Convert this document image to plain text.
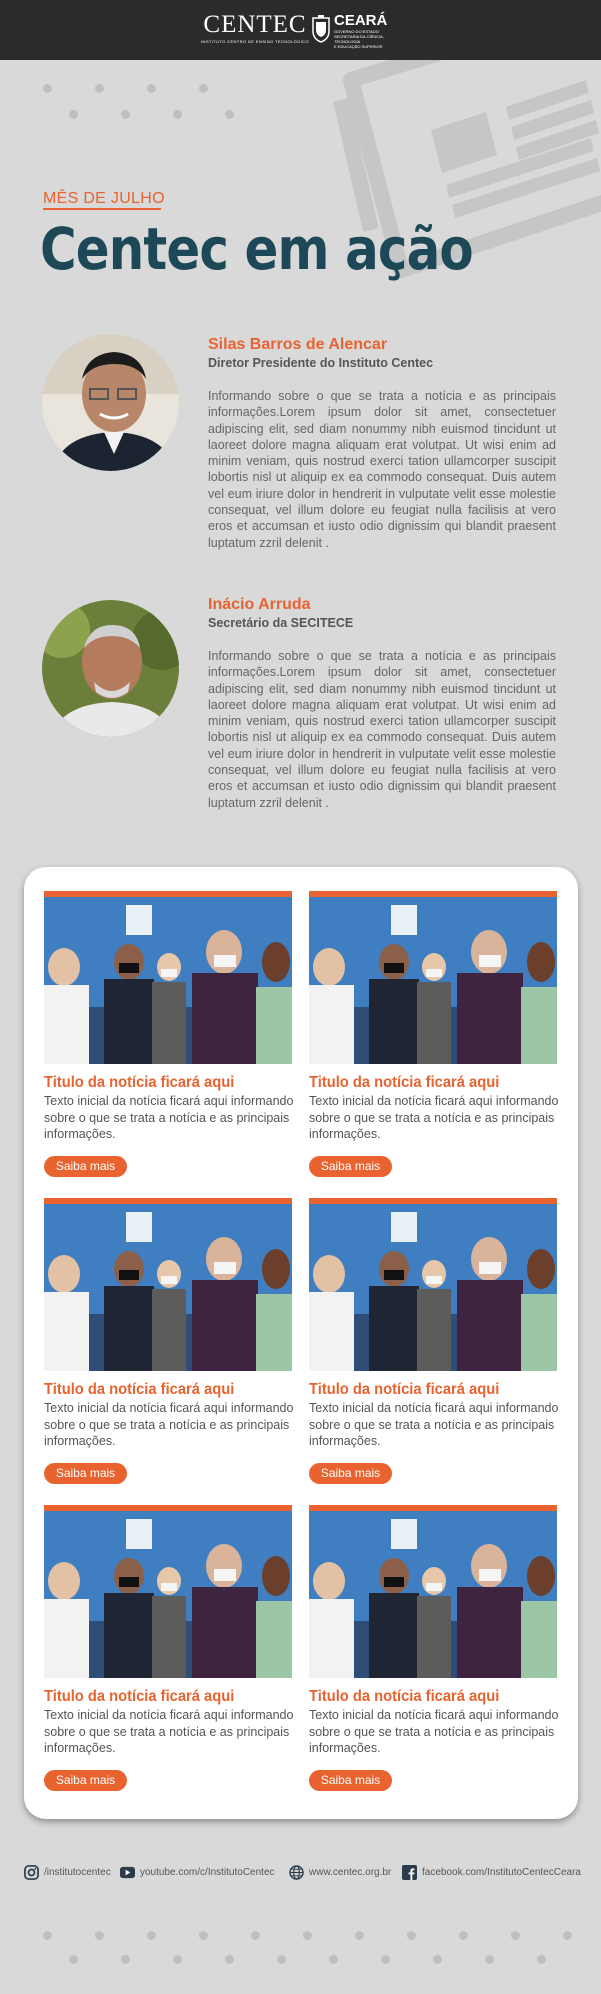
CENTEC
INSTITUTO CENTRO DE ENSINO TECNOLÓGICO
CEARÁ
GOVERNO DO ESTADO
SECRETARIA DA CIÊNCIA, TECNOLOGIA
E EDUCAÇÃO SUPERIOR
MÊS DE JULHO
Centec em ação
Silas Barros de Alencar
Diretor Presidente do Instituto Centec
Informando sobre o que se trata a notícia e as principais informações.Lorem ipsum dolor sit amet, consectetuer adipiscing elit, sed diam nonummy nibh euismod tincidunt ut laoreet dolore magna aliquam erat volutpat. Ut wisi enim ad minim veniam, quis nostrud exerci tation ullamcorper suscipit lobortis nisl ut aliquip ex ea commodo consequat. Duis autem vel eum iriure dolor in hendrerit in vulputate velit esse molestie consequat, vel illum dolore eu feugiat nulla facilisis at vero eros et accumsan et iusto odio dignissim qui blandit praesent luptatum zzril delenit .
Inácio Arruda
Secretário da SECITECE
Informando sobre o que se trata a notícia e as principais informações.Lorem ipsum dolor sit amet, consectetuer adipiscing elit, sed diam nonummy nibh euismod tincidunt ut laoreet dolore magna aliquam erat volutpat. Ut wisi enim ad minim veniam, quis nostrud exerci tation ullamcorper suscipit lobortis nisl ut aliquip ex ea commodo consequat. Duis autem vel eum iriure dolor in hendrerit in vulputate velit esse molestie consequat, vel illum dolore eu feugiat nulla facilisis at vero eros et accumsan et iusto odio dignissim qui blandit praesent luptatum zzril delenit .
Titulo da notícia ficará aqui
Texto inicial da notícia ficará aqui informando sobre o que se trata a notícia e as principais informações.
Saiba mais
Titulo da notícia ficará aqui
Texto inicial da notícia ficará aqui informando sobre o que se trata a notícia e as principais informações.
Saiba mais
Titulo da notícia ficará aqui
Texto inicial da notícia ficará aqui informando sobre o que se trata a notícia e as principais informações.
Saiba mais
Titulo da notícia ficará aqui
Texto inicial da notícia ficará aqui informando sobre o que se trata a notícia e as principais informações.
Saiba mais
Titulo da notícia ficará aqui
Texto inicial da notícia ficará aqui informando sobre o que se trata a notícia e as principais informações.
Saiba mais
Titulo da notícia ficará aqui
Texto inicial da notícia ficará aqui informando sobre o que se trata a notícia e as principais informações.
Saiba mais
/institutocentec	youtube.com/c/InstitutoCentec	www.centec.org.br	facebook.com/InstitutoCentecCeara
